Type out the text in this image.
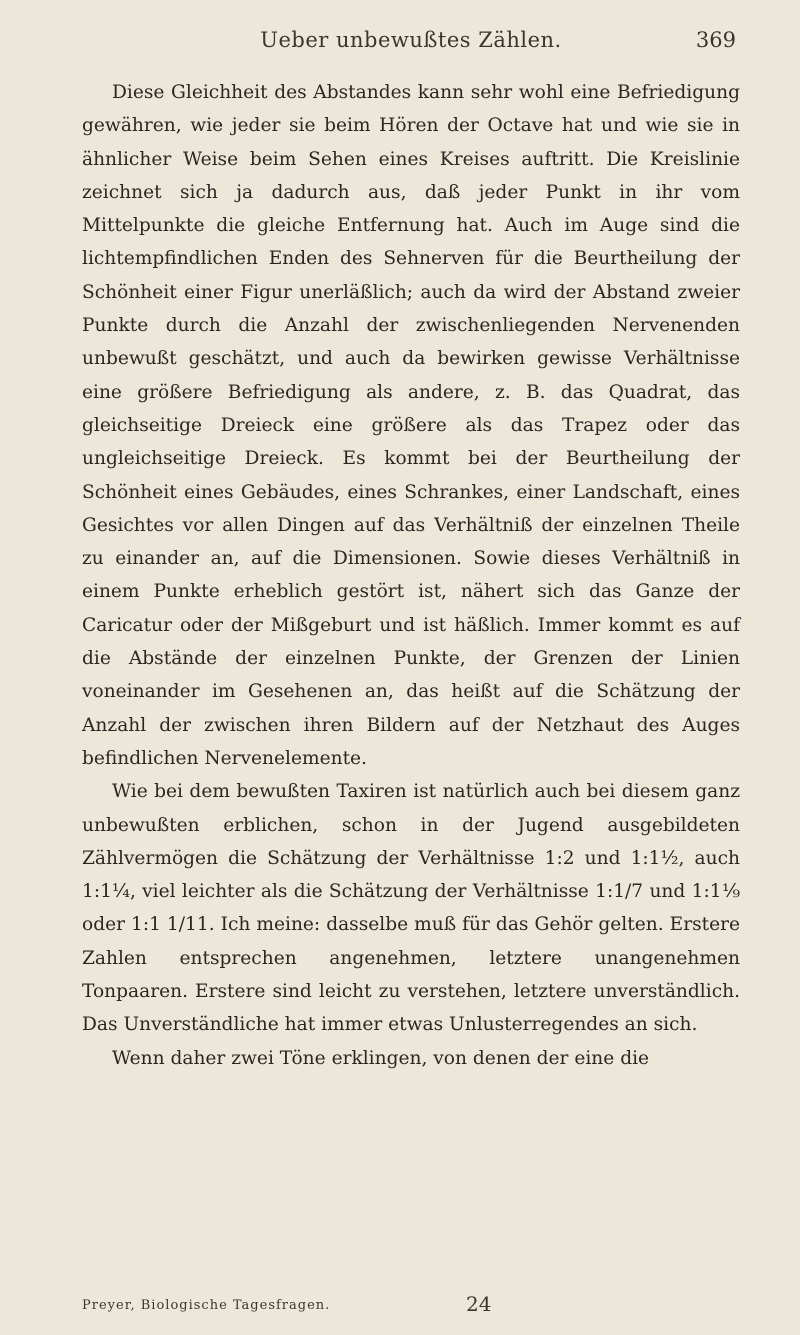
Ueber unbewußtes Zählen.	369

Diese Gleichheit des Abstandes kann sehr wohl eine Befriedigung gewähren, wie jeder sie beim Hören der Octave hat und wie sie in ähnlicher Weise beim Sehen eines Kreises auftritt. Die Kreislinie zeichnet sich ja dadurch aus, daß jeder Punkt in ihr vom Mittelpunkte die gleiche Entfernung hat. Auch im Auge sind die lichtempfindlichen Enden des Sehnerven für die Beurtheilung der Schönheit einer Figur unerläßlich; auch da wird der Abstand zweier Punkte durch die Anzahl der zwischenliegenden Nervenenden unbewußt geschätzt, und auch da bewirken gewisse Verhältnisse eine größere Befriedigung als andere, z. B. das Quadrat, das gleichseitige Dreieck eine größere als das Trapez oder das ungleichseitige Dreieck. Es kommt bei der Beurtheilung der Schönheit eines Gebäudes, eines Schrankes, einer Landschaft, eines Gesichtes vor allen Dingen auf das Verhältniß der einzelnen Theile zu einander an, auf die Dimensionen. Sowie dieses Verhältniß in einem Punkte erheblich gestört ist, nähert sich das Ganze der Caricatur oder der Mißgeburt und ist häßlich. Immer kommt es auf die Abstände der einzelnen Punkte, der Grenzen der Linien voneinander im Gesehenen an, das heißt auf die Schätzung der Anzahl der zwischen ihren Bildern auf der Netzhaut des Auges befindlichen Nervenelemente.

Wie bei dem bewußten Taxiren ist natürlich auch bei diesem ganz unbewußten erblichen, schon in der Jugend ausgebildeten Zählvermögen die Schätzung der Verhältnisse 1:2 und 1:1½, auch 1:1¼, viel leichter als die Schätzung der Verhältnisse 1:1/7 und 1:1⅑ oder 1:1 1/11. Ich meine: dasselbe muß für das Gehör gelten. Erstere Zahlen entsprechen angenehmen, letztere unangenehmen Tonpaaren. Erstere sind leicht zu verstehen, letztere unverständlich. Das Unverständliche hat immer etwas Unlusterregendes an sich.

Wenn daher zwei Töne erklingen, von denen der eine die

Preyer, Biologische Tagesfragen.	24
